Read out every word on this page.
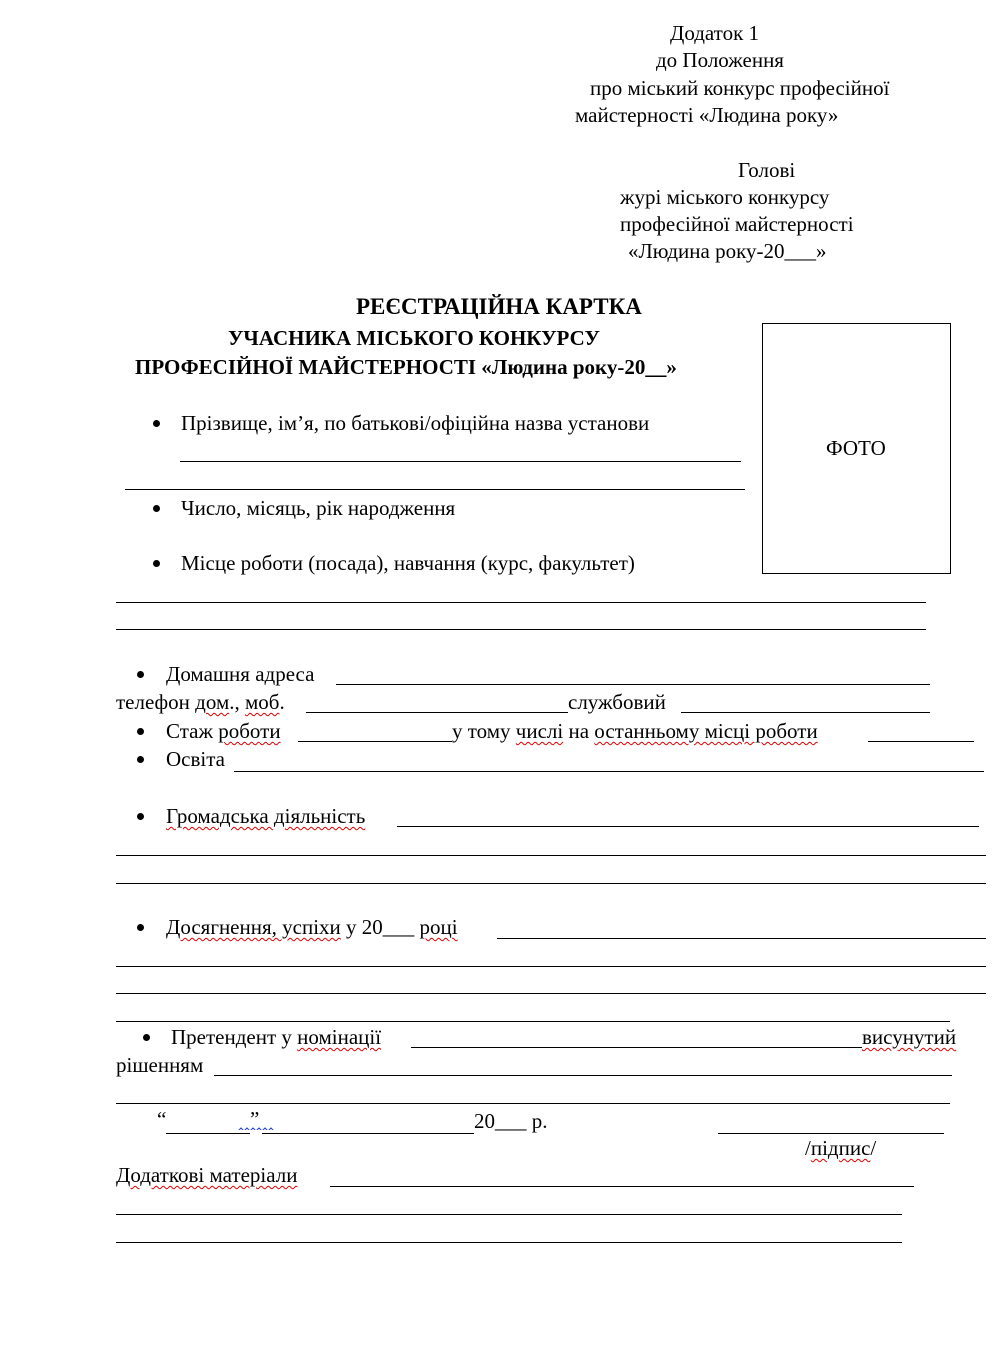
Додаток 1
до Положення
про міський конкурс професійної
майстерності «Людина року»
Голові
журі міського конкурсу
професійної майстерності
«Людина року-20___»
РЕЄСТРАЦІЙНА КАРТКА
УЧАСНИКА МІСЬКОГО КОНКУРСУ
ПРОФЕСІЙНОЇ МАЙСТЕРНОСТІ «Людина року-20__»
ФОТО
Прізвище, ім’я, по батькові/офіційна назва установи
Число, місяць, рік народження
Місце роботи (посада), навчання (курс, факультет)
Домашня адреса
телефон дом., моб.	службовий
Стаж роботи	у тому числі на останньому місці роботи
Освіта
Громадська діяльність
Досягнення, успіхи у 20___ році
Претендент у номінації	висунутий
рішенням
“	”	20___ р.
/підпис/
Додаткові матеріали
